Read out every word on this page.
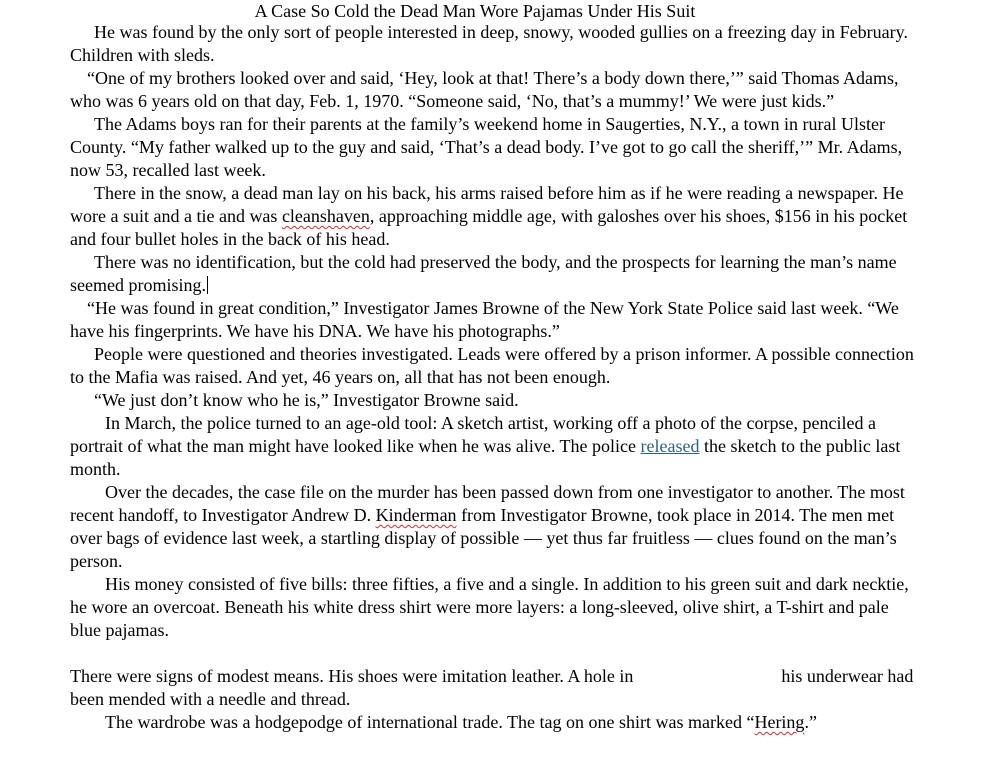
A Case So Cold the Dead Man Wore Pajamas Under His Suit

He was found by the only sort of people interested in deep, snowy, wooded gullies on a freezing day in February. Children with sleds.

“One of my brothers looked over and said, ‘Hey, look at that! There’s a body down there,’” said Thomas Adams, who was 6 years old on that day, Feb. 1, 1970. “Someone said, ‘No, that’s a mummy!’ We were just kids.”

The Adams boys ran for their parents at the family’s weekend home in Saugerties, N.Y., a town in rural Ulster County. “My father walked up to the guy and said, ‘That’s a dead body. I’ve got to go call the sheriff,’” Mr. Adams, now 53, recalled last week.

There in the snow, a dead man lay on his back, his arms raised before him as if he were reading a newspaper. He wore a suit and a tie and was cleanshaven, approaching middle age, with galoshes over his shoes, $156 in his pocket and four bullet holes in the back of his head.

There was no identification, but the cold had preserved the body, and the prospects for learning the man’s name seemed promising.

“He was found in great condition,” Investigator James Browne of the New York State Police said last week. “We have his fingerprints. We have his DNA. We have his photographs.”

People were questioned and theories investigated. Leads were offered by a prison informer. A possible connection to the Mafia was raised. And yet, 46 years on, all that has not been enough.

“We just don’t know who he is,” Investigator Browne said.

In March, the police turned to an age-old tool: A sketch artist, working off a photo of the corpse, penciled a portrait of what the man might have looked like when he was alive. The police released the sketch to the public last month.

Over the decades, the case file on the murder has been passed down from one investigator to another. The most recent handoff, to Investigator Andrew D. Kinderman from Investigator Browne, took place in 2014. The men met over bags of evidence last week, a startling display of possible — yet thus far fruitless — clues found on the man’s person.

His money consisted of five bills: three fifties, a five and a single. In addition to his green suit and dark necktie, he wore an overcoat. Beneath his white dress shirt were more layers: a long-sleeved, olive shirt, a T-shirt and pale blue pajamas.

There were signs of modest means. His shoes were imitation leather. A hole in	his underwear had been mended with a needle and thread.

The wardrobe was a hodgepodge of international trade. The tag on one shirt was marked “Hering.”
